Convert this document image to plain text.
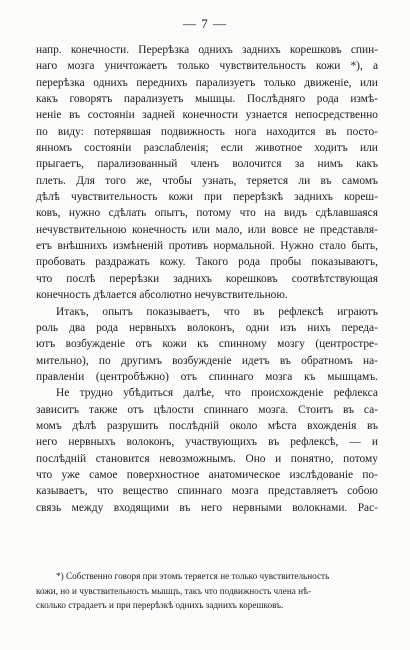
— 7 —
напр. конечности. Перерѣзка однихъ заднихъ корешковъ спин-
наго мозга уничтожаетъ только чувствительность кожи *), а
перерѣзка однихъ переднихъ парализуетъ только движеніе, или
какъ говорятъ парализуетъ мышцы. Послѣдняго рода измѣ-
неніе въ состояніи задней конечности узнается непосредственно
по виду: потерявшая подвижность нога находится въ посто-
янномъ состояніи разслабленія; если животное ходитъ или
прыгаетъ, парализованный членъ волочится за нимъ какъ
плеть. Для того же, чтобы узнать, теряется ли въ самомъ
дѣлѣ чувствительность кожи при перерѣзкѣ заднихъ кореш-
ковъ, нужно сдѣлать опытъ, потому что на видъ сдѣлавшаяся
нечувствительною конечность или мало, или вовсе не представля-
етъ внѣшнихъ измѣненій противъ нормальной. Нужно стало быть,
пробовать раздражать кожу. Такого рода пробы показываютъ,
что послѣ перерѣзки заднихъ корешковъ соотвѣтствующая
конечность дѣлается абсолютно нечувствительною.
Итакъ, опытъ показываетъ, что въ рефлексѣ играютъ
роль два рода нервныхъ волоконъ, одни изъ нихъ переда-
ютъ возбужденіе отъ кожи къ спинному мозгу (центростре-
мительно), по другимъ возбужденіе идетъ въ обратномъ на-
правленіи (центробѣжно) отъ спиннаго мозга къ мышцамъ.
Не трудно убѣдиться далѣе, что происхожденіе рефлекса
зависитъ также отъ цѣлости спиннаго мозга. Стоитъ въ са-
момъ дѣлѣ разрушить послѣдній около мѣста вхожденія въ
него нервныхъ волоконъ, участвующихъ въ рефлексѣ, — и
послѣдній становится невозможнымъ. Оно и понятно, потому
что уже самое поверхностное анатомическое изслѣдованіе по-
казываетъ, что вещество спиннаго мозга представляетъ собою
связь между входящими въ него нервными волокнами. Рас-
*) Собственно говоря при этомъ теряется не только чувствительность
кожи, но и чувствительность мышцъ, такъ что подвижность члена нѣ-
сколько страдаетъ и при перерѣзкѣ однихъ заднихъ корешковъ.
